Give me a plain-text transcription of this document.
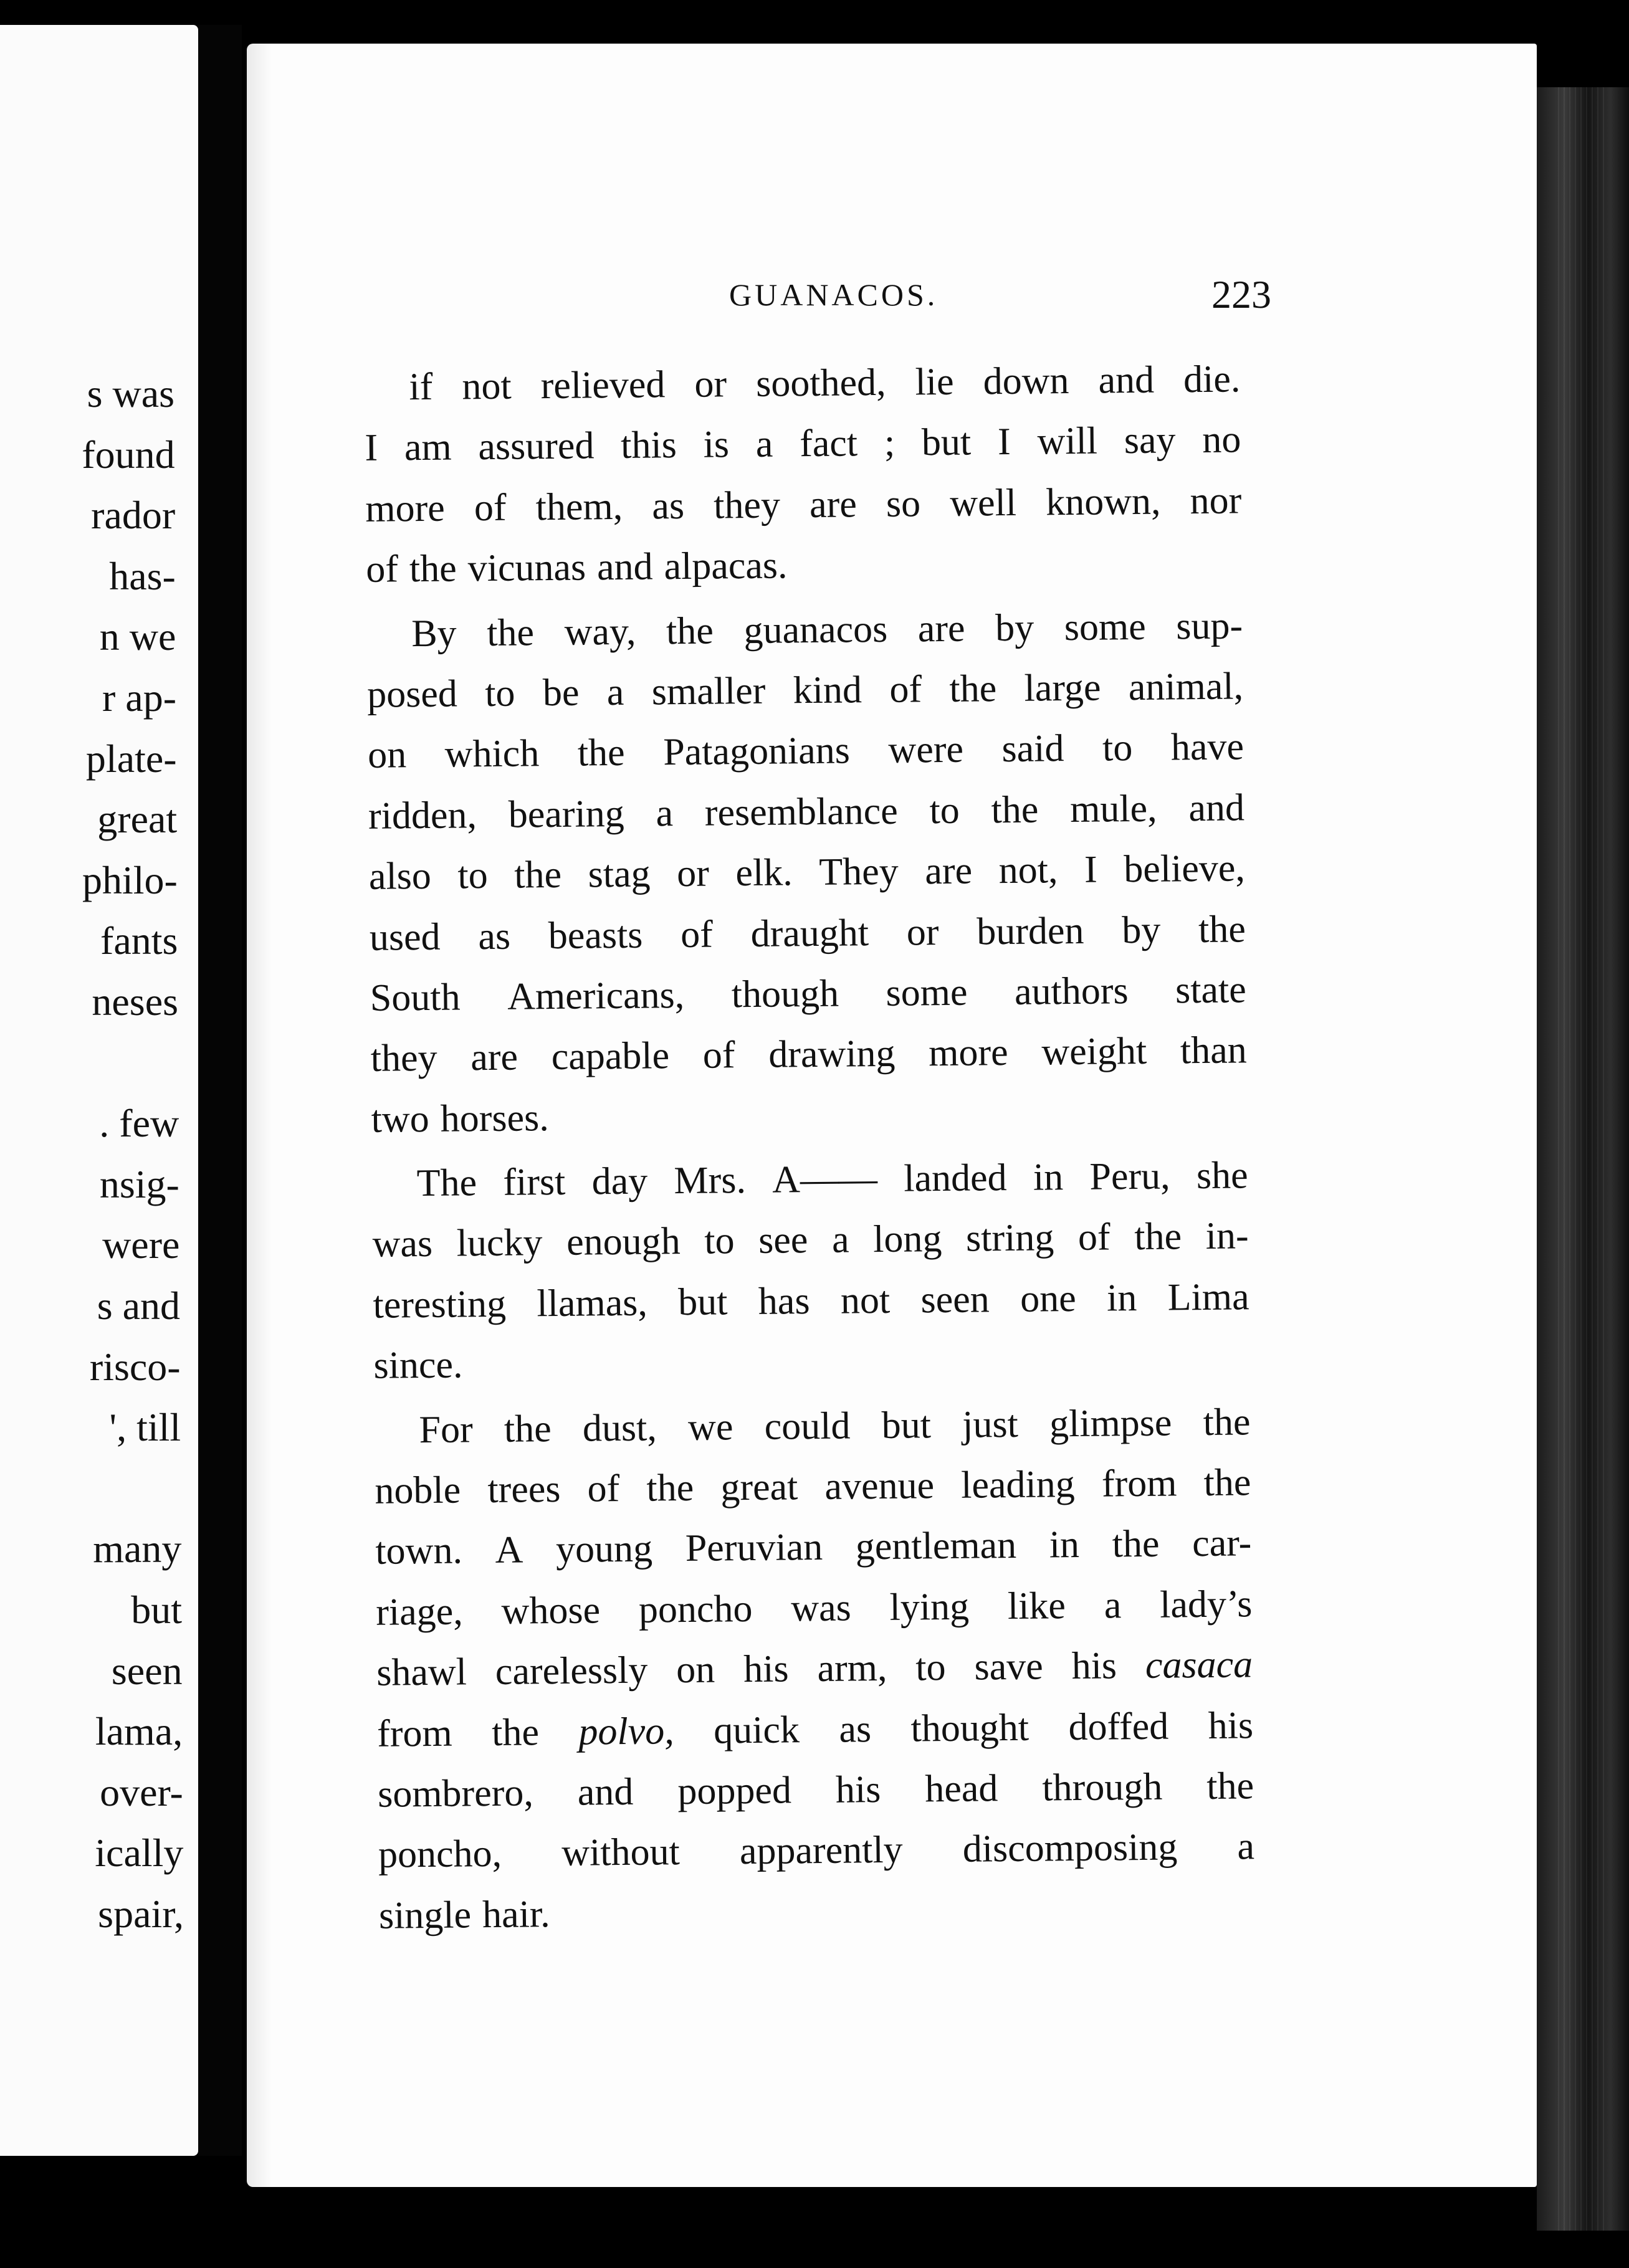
s was
found
rador
has-
n we
r ap-
plate-
great
philo-
fants
neses
. few
nsig-
were
s and
risco-
', till
many
but
seen
lama,
over-
ically
spair,
GUANACOS.	223
if not relieved or soothed, lie down and die.
I am assured this is a fact ; but I will say no
more of them, as they are so well known, nor
of the vicunas and alpacas.
By the way, the guanacos are by some sup-
posed to be a smaller kind of the large animal,
on which the Patagonians were said to have
ridden, bearing a resemblance to the mule, and
also to the stag or elk. They are not, I believe,
used as beasts of draught or burden by the
South Americans, though some authors state
they are capable of drawing more weight than
two horses.
The first day Mrs. A—— landed in Peru, she
was lucky enough to see a long string of the in-
teresting llamas, but has not seen one in Lima
since.
For the dust, we could but just glimpse the
noble trees of the great avenue leading from the
town. A young Peruvian gentleman in the car-
riage, whose poncho was lying like a lady’s
shawl carelessly on his arm, to save his casaca
from the polvo, quick as thought doffed his
sombrero, and popped his head through the
poncho, without apparently discomposing a
single hair.
